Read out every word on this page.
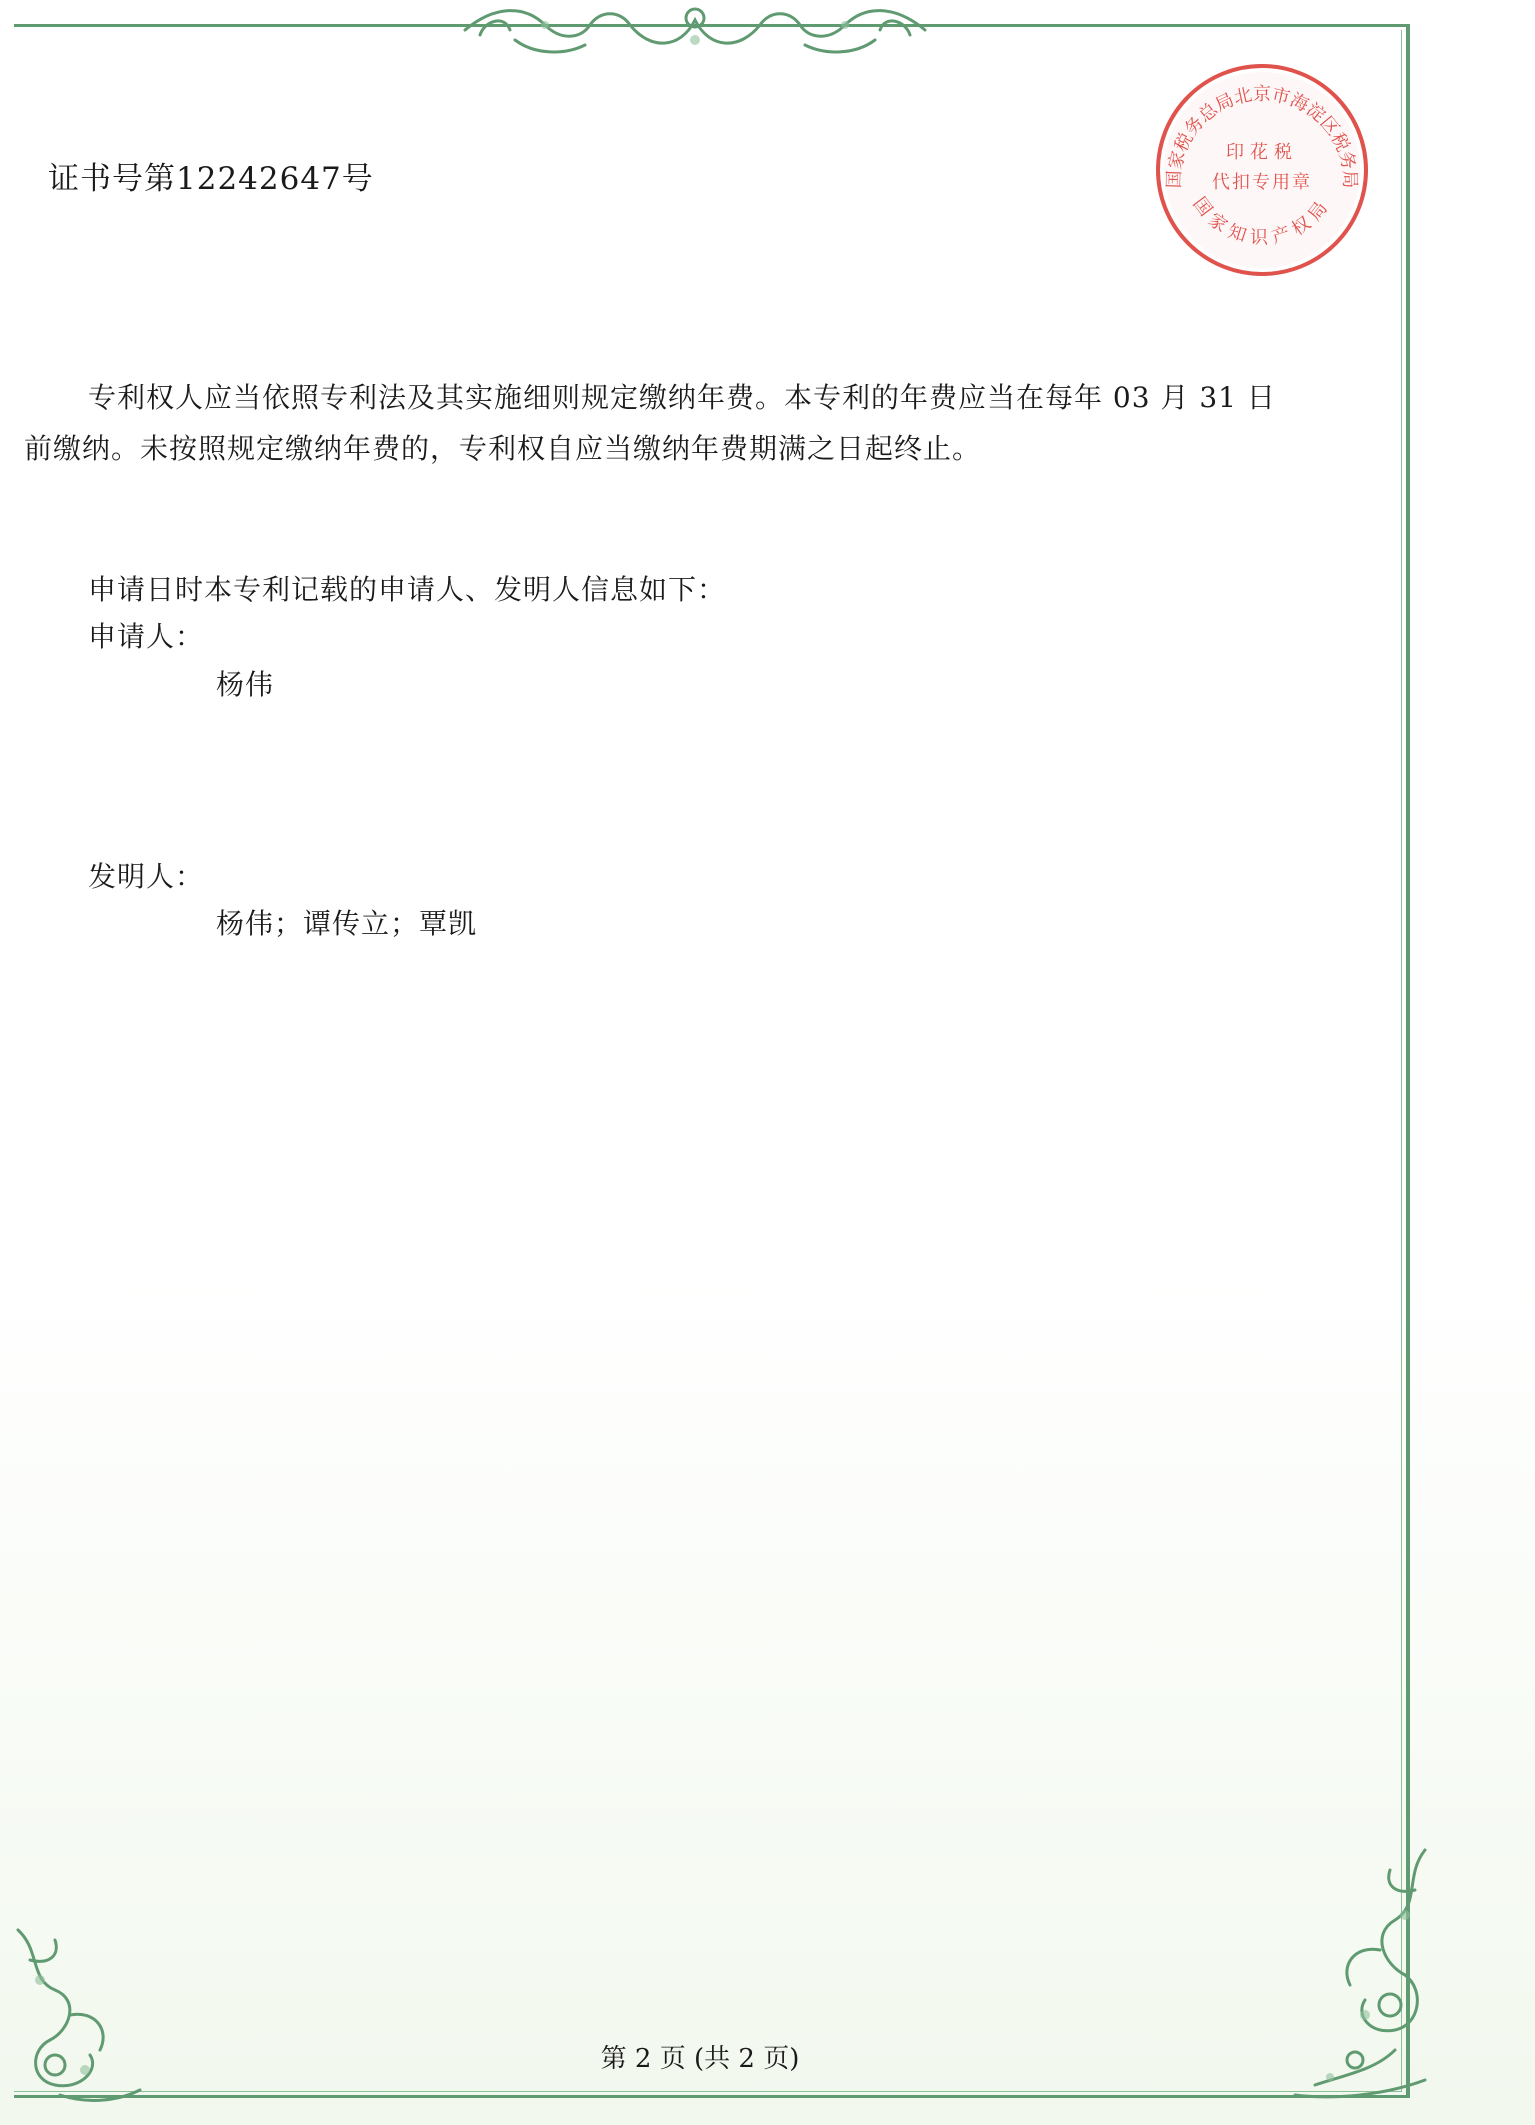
国家税务总局北京市海淀区税务局
印花税
代扣专用章
国家知识产权局
证书号第12242647号
专利权人应当依照专利法及其实施细则规定缴纳年费。本专利的年费应当在每年 03 月 31 日
前缴纳。未按照规定缴纳年费的，专利权自应当缴纳年费期满之日起终止。
申请日时本专利记载的申请人、发明人信息如下：
申请人：
杨伟
发明人：
杨伟；谭传立；覃凯
第 2 页 (共 2 页)
